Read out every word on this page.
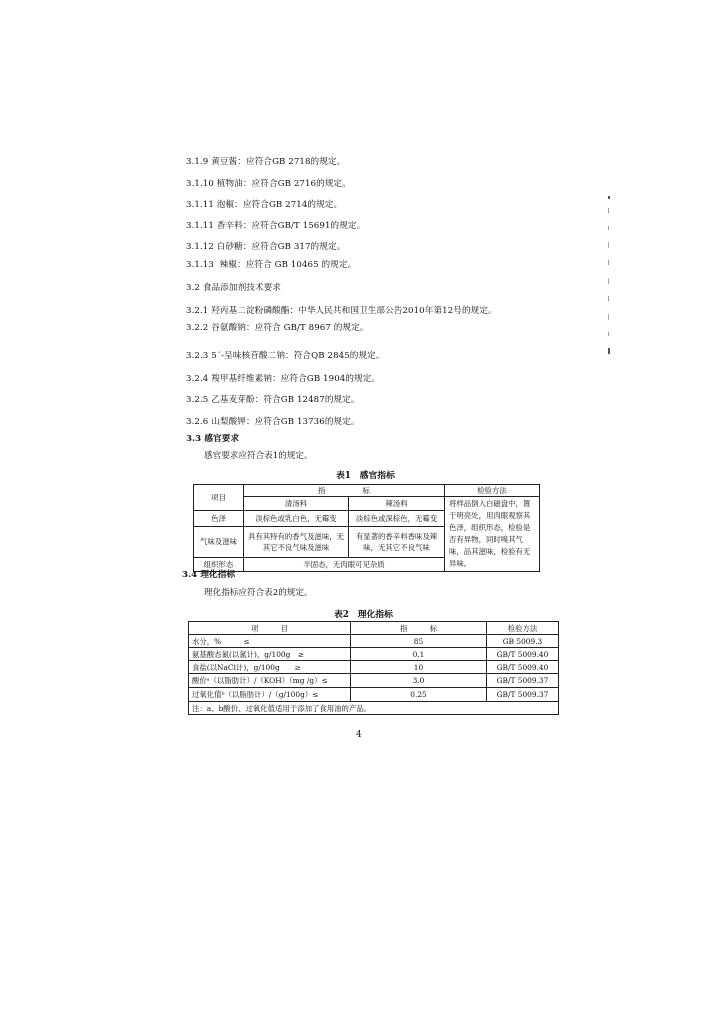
3.1.9 黄豆酱：应符合GB 2718的规定。
3.1.10 植物油：应符合GB 2716的规定。
3.1.11 泡椒：应符合GB 2714的规定。
3.1.11 香辛料：应符合GB/T 15691的规定。
3.1.12 白砂糖：应符合GB 317的规定。
3.1.13 辣椒：应符合 GB 10465 的规定。
3.2 食品添加剂技术要求
3.2.1 羟丙基二淀粉磷酸酯：中华人民共和国卫生部公告2010年第12号的规定。
3.2.2 谷氨酸钠：应符合 GB/T 8967 的规定。
3.2.3 5ˊ-呈味核苷酸二钠：符合QB 2845的规定。
3.2.4 羧甲基纤维素钠：应符合GB 1904的规定。
3.2.5 乙基麦芽酚：符合GB 12487的规定。
3.2.6 山梨酸钾：应符合GB 13736的规定。
3.3 感官要求
感官要求应符合表1的规定。
表1　感官指标
项目	指　　　　　标		检验方法
	清汤料	辣汤料	将样品倒入白磁盘中，置于明亮处，用肉眼观察其色泽，组织形态，检验是否有异物，同时嗅其气味，品其滋味，检验有无异味。
色泽	淡棕色或乳白色，无霉变	淡棕色或深棕色，无霉变	
气味及滋味	具有其特有的香气及滋味，无其它不良气味及滋味	有显著的香辛料香味及辣味，无其它不良气味	
组织形态	半固态，无肉眼可见杂质		
3.4 理化指标
理化指标应符合表2的规定。
表2　理化指标
项　　　目	指　　　标	检验方法
水分，%　　　≤	85	GB 5009.3
氨基酸态氮(以氮计)，g/100g　≥	0.1	GB/T 5009.40
食盐(以NaCl计)，g/100g　　≥	10	GB/T 5009.40
酸价ᵃ（以脂肪计）/（KOH）（mg /g）≤	3.0	GB/T 5009.37
过氧化值ᵇ（以脂肪计）/（g/100g）≤	0.25	GB/T 5009.37
注：a、b酸价、过氧化值适用于添加了食用油的产品。		
4
